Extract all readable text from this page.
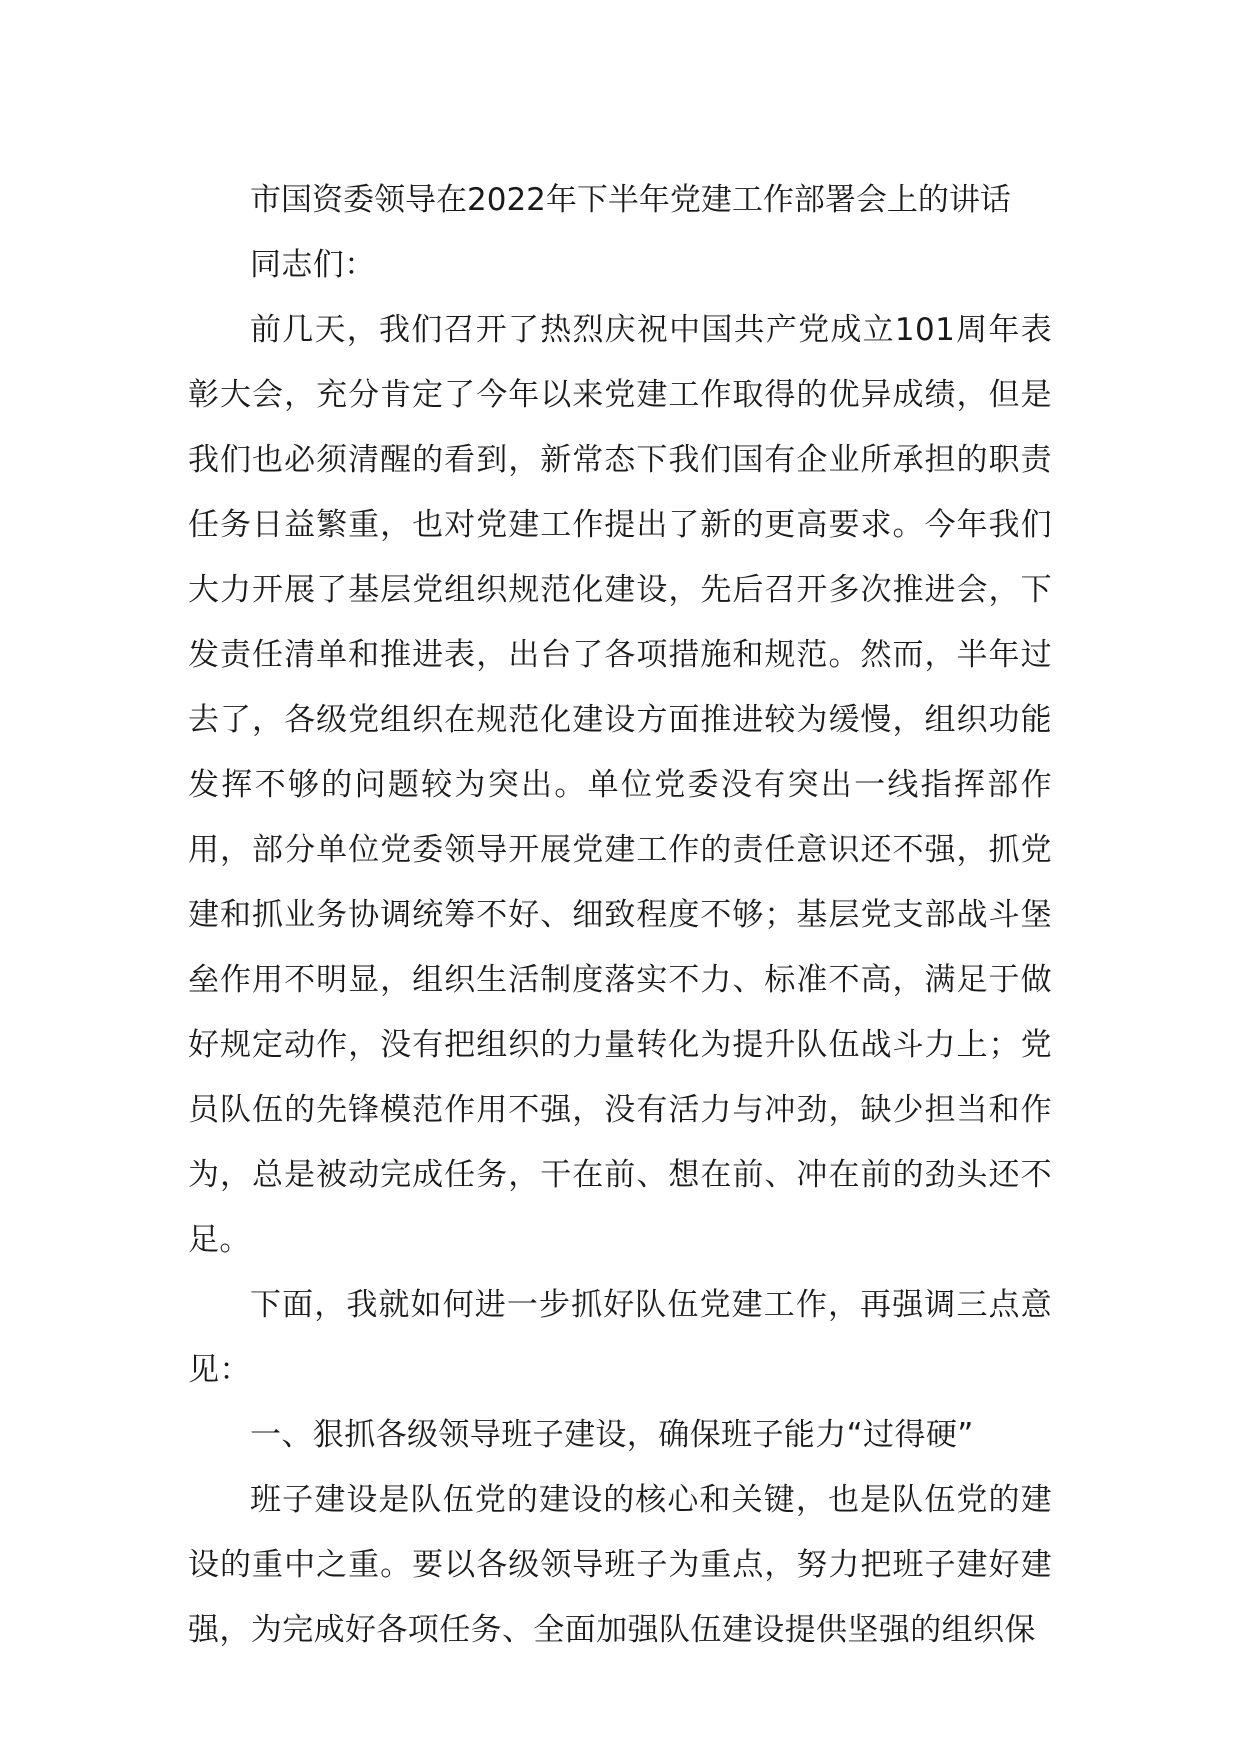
市国资委领导在2022年下半年党建工作部署会上的讲话

同志们：

前几天，我们召开了热烈庆祝中国共产党成立101周年表彰大会，充分肯定了今年以来党建工作取得的优异成绩，但是我们也必须清醒的看到，新常态下我们国有企业所承担的职责任务日益繁重，也对党建工作提出了新的更高要求。今年我们大力开展了基层党组织规范化建设，先后召开多次推进会，下发责任清单和推进表，出台了各项措施和规范。然而，半年过去了，各级党组织在规范化建设方面推进较为缓慢，组织功能发挥不够的问题较为突出。单位党委没有突出一线指挥部作用，部分单位党委领导开展党建工作的责任意识还不强，抓党建和抓业务协调统筹不好、细致程度不够；基层党支部战斗堡垒作用不明显，组织生活制度落实不力、标准不高，满足于做好规定动作，没有把组织的力量转化为提升队伍战斗力上；党员队伍的先锋模范作用不强，没有活力与冲劲，缺少担当和作为，总是被动完成任务，干在前、想在前、冲在前的劲头还不足。

下面，我就如何进一步抓好队伍党建工作，再强调三点意见：

一、狠抓各级领导班子建设，确保班子能力“过得硬”

班子建设是队伍党的建设的核心和关键，也是队伍党的建设的重中之重。要以各级领导班子为重点，努力把班子建好建强，为完成好各项任务、全面加强队伍建设提供坚强的组织保
